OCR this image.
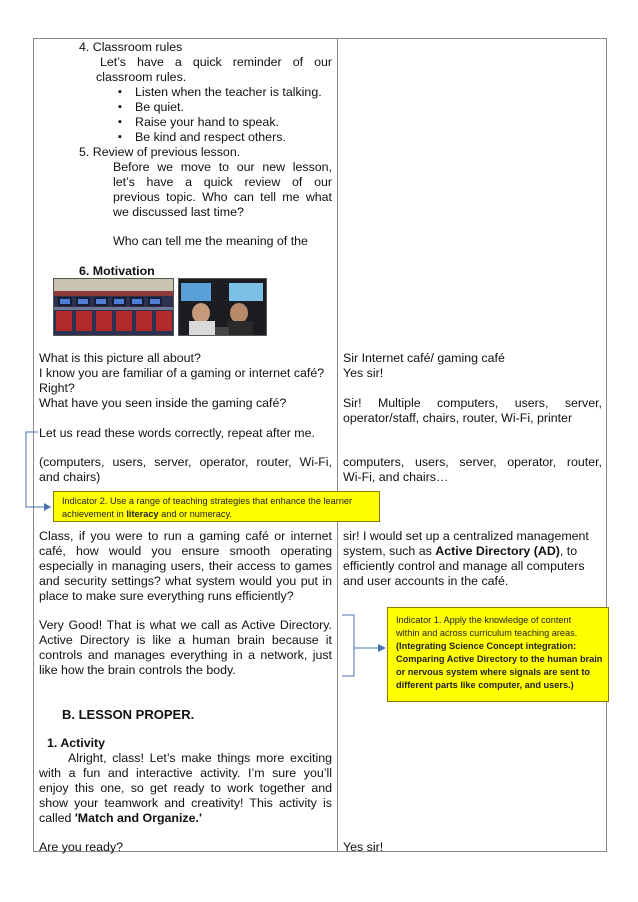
4. Classroom rules
Let’s have a quick reminder of our
classroom rules.
▪ Listen when the teacher is talking.
▪ Be quiet.
▪ Raise your hand to speak.
▪ Be kind and respect others.
5. Review of previous lesson.
Before we move to our new lesson,
let’s have a quick review of our
previous topic. Who can tell me what
we discussed last time?
Who can tell me the meaning of the
6. Motivation
What is this picture all about?
I know you are familiar of a gaming or internet café?
Right?
What have you seen inside the gaming café?
Let us read these words correctly, repeat after me.
(computers, users, server, operator, router, Wi-Fi,
and chairs)
Sir Internet café/ gaming café
Yes sir!
Sir! Multiple computers, users, server,
operator/staff, chairs, router, Wi-Fi, printer
computers, users, server, operator, router,
Wi-Fi, and chairs…
Indicator 2. Use a range of teaching strategies that enhance the learner
achievement in literacy and or numeracy.
Class, if you were to run a gaming café or internet
café, how would you ensure smooth operating
especially in managing users, their access to games
and security settings? what system would you put in
place to make sure everything runs efficiently?
sir! I would set up a centralized management
system, such as Active Directory (AD), to
efficiently control and manage all computers
and user accounts in the café.
Very Good! That is what we call as Active Directory.
Active Directory is like a human brain because it
controls and manages everything in a network, just
like how the brain controls the body.
Indicator 1. Apply the knowledge of content
within and across curriculum teaching areas.
(Integrating Science Concept integration:
Comparing Active Directory to the human brain
or nervous system where signals are sent to
different parts like computer, and users.)
B. LESSON PROPER.
1. Activity
Alright, class! Let’s make things more exciting
with a fun and interactive activity. I’m sure you’ll
enjoy this one, so get ready to work together and
show your teamwork and creativity! This activity is
called 'Match and Organize.'
Are you ready?	Yes sir!
